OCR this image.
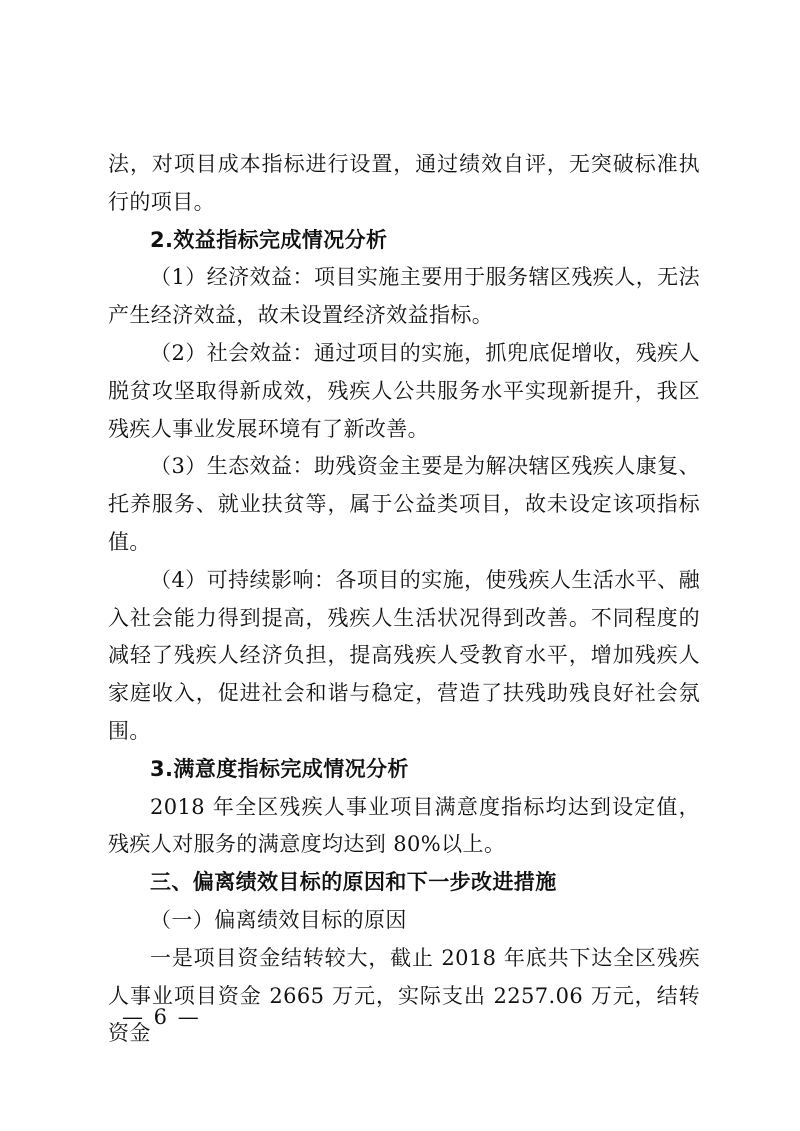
法，对项目成本指标进行设置，通过绩效自评，无突破标准执行的项目。

2.效益指标完成情况分析

（1）经济效益：项目实施主要用于服务辖区残疾人，无法产生经济效益，故未设置经济效益指标。

（2）社会效益：通过项目的实施，抓兜底促增收，残疾人脱贫攻坚取得新成效，残疾人公共服务水平实现新提升，我区残疾人事业发展环境有了新改善。

（3）生态效益：助残资金主要是为解决辖区残疾人康复、托养服务、就业扶贫等，属于公益类项目，故未设定该项指标值。

（4）可持续影响：各项目的实施，使残疾人生活水平、融入社会能力得到提高，残疾人生活状况得到改善。不同程度的减轻了残疾人经济负担，提高残疾人受教育水平，增加残疾人家庭收入，促进社会和谐与稳定，营造了扶残助残良好社会氛围。

3.满意度指标完成情况分析

2018 年全区残疾人事业项目满意度指标均达到设定值，残疾人对服务的满意度均达到 80%以上。

三、偏离绩效目标的原因和下一步改进措施

（一）偏离绩效目标的原因

一是项目资金结转较大，截止 2018 年底共下达全区残疾人事业项目资金 2665 万元，实际支出 2257.06 万元，结转资金

— 6 —
